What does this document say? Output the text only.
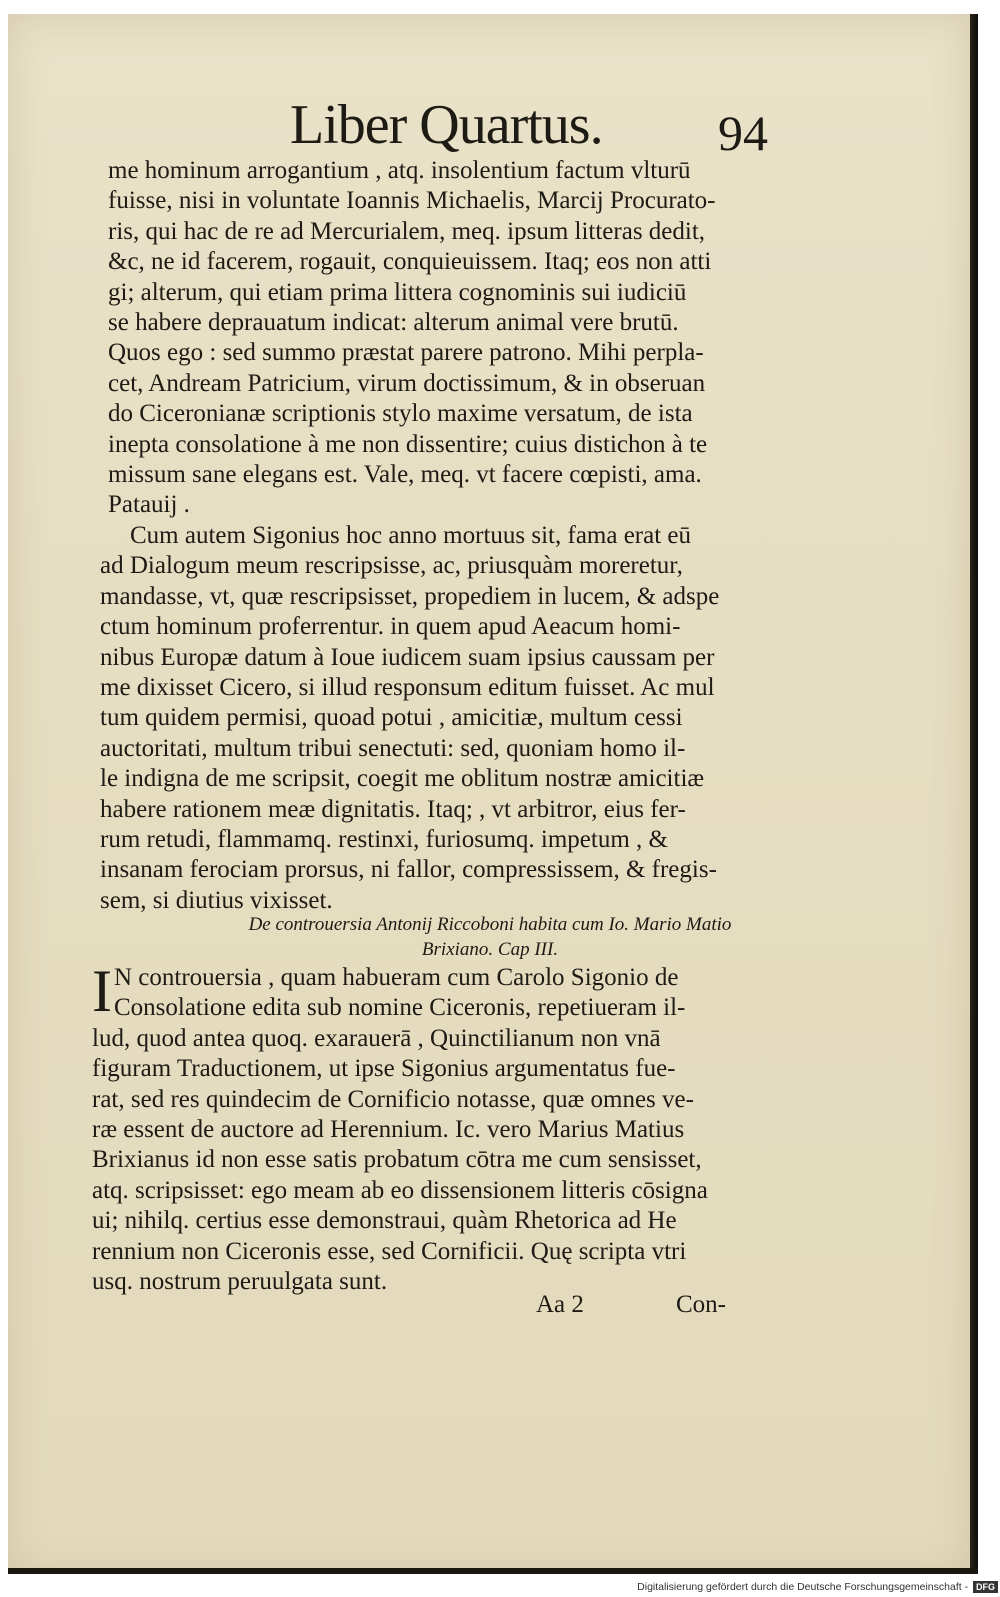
Liber Quartus. 94
me hominum arrogantium , atq. insolentium factum vlturū
fuisse, nisi in voluntate Ioannis Michaelis, Marcij Procurato-
ris, qui hac de re ad Mercurialem, meq. ipsum litteras dedit,
&c, ne id facerem, rogauit, conquieuissem. Itaq; eos non atti
gi; alterum, qui etiam prima littera cognominis sui iudiciū
se habere deprauatum indicat: alterum animal vere brutū.
Quos ego : sed summo præstat parere patrono. Mihi perpla-
cet, Andream Patricium, virum doctissimum, & in obseruan
do Ciceronianæ scriptionis stylo maxime versatum, de ista
inepta consolatione à me non dissentire; cuius distichon à te
missum sane elegans est. Vale, meq. vt facere cœpisti, ama.
Patauij .
Cum autem Sigonius hoc anno mortuus sit, fama erat eū
ad Dialogum meum rescripsisse, ac, priusquàm moreretur,
mandasse, vt, quæ rescripsisset, propediem in lucem, & adspe
ctum hominum proferrentur. in quem apud Aeacum homi-
nibus Europæ datum à Ioue iudicem suam ipsius caussam per
me dixisset Cicero, si illud responsum editum fuisset. Ac mul
tum quidem permisi, quoad potui , amicitiæ, multum cessi
auctoritati, multum tribui senectuti: sed, quoniam homo il-
le indigna de me scripsit, coegit me oblitum nostræ amicitiæ
habere rationem meæ dignitatis. Itaq; , vt arbitror, eius fer-
rum retudi, flammamq. restinxi, furiosumq. impetum , &
insanam ferociam prorsus, ni fallor, compressissem, & fregis-
sem, si diutius vixisset.
De controuersia Antonij Riccoboni habita cum Io. Mario Matio
Brixiano. Cap III.
I N controuersia , quam habueram cum Carolo Sigonio de
Consolatione edita sub nomine Ciceronis, repetiueram il-
lud, quod antea quoq. exarauerā , Quinctilianum non vnā
figuram Traductionem, ut ipse Sigonius argumentatus fue-
rat, sed res quindecim de Cornificio notasse, quæ omnes ve-
ræ essent de auctore ad Herennium. Ic. vero Marius Matius
Brixianus id non esse satis probatum cōtra me cum sensisset,
atq. scripsisset: ego meam ab eo dissensionem litteris cōsigna
ui; nihilq. certius esse demonstraui, quàm Rhetorica ad He
rennium non Ciceronis esse, sed Cornificii. Quę scripta vtri
usq. nostrum peruulgata sunt.
Aa 2	Con-
Digitalisierung gefördert durch die Deutsche Forschungsgemeinschaft - DFG
